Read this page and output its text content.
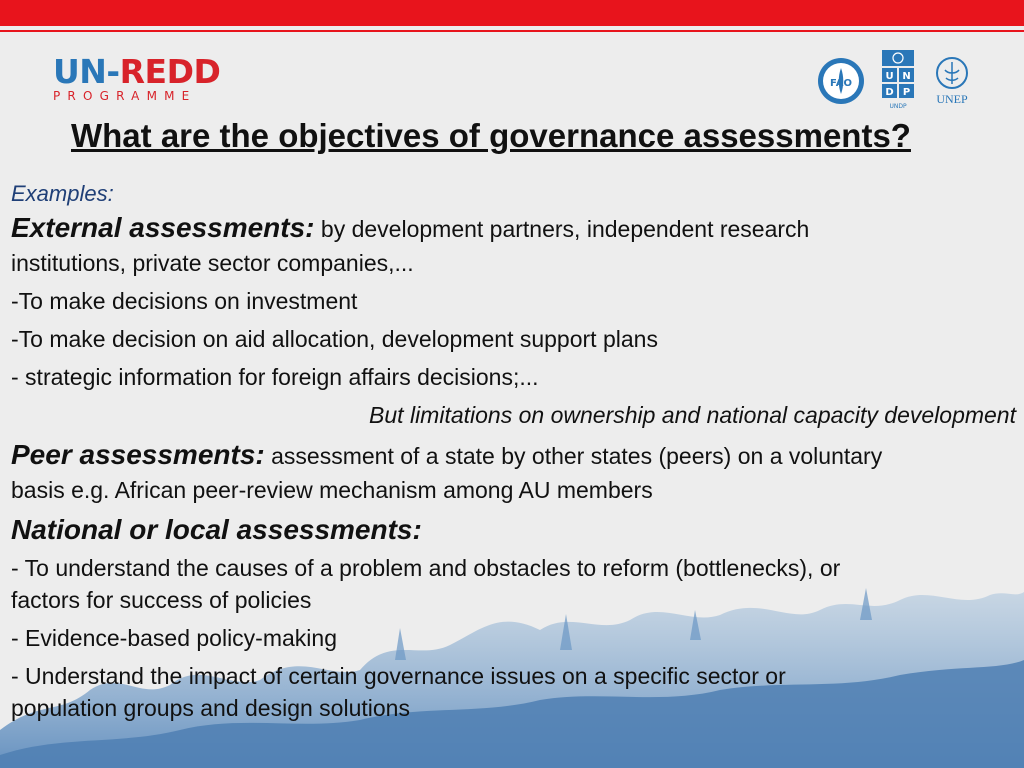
UN-REDD
PROGRAMME
FAO
U N
D P
UNDP
UNEP
What are the objectives of governance assessments?
Examples:
External assessments: by development partners, independent research
institutions, private sector companies,...
-To make decisions on investment
-To make decision on aid allocation, development support plans
- strategic information for foreign affairs decisions;...
But limitations on ownership and national capacity development
Peer assessments: assessment of a state by other states (peers) on a voluntary
basis e.g. African peer-review mechanism among AU members
National or local assessments:
- To understand the causes of a problem and obstacles to reform (bottlenecks), or
factors for success of policies
- Evidence-based policy-making
- Understand the impact of certain governance issues on a specific sector or
population groups and design solutions
